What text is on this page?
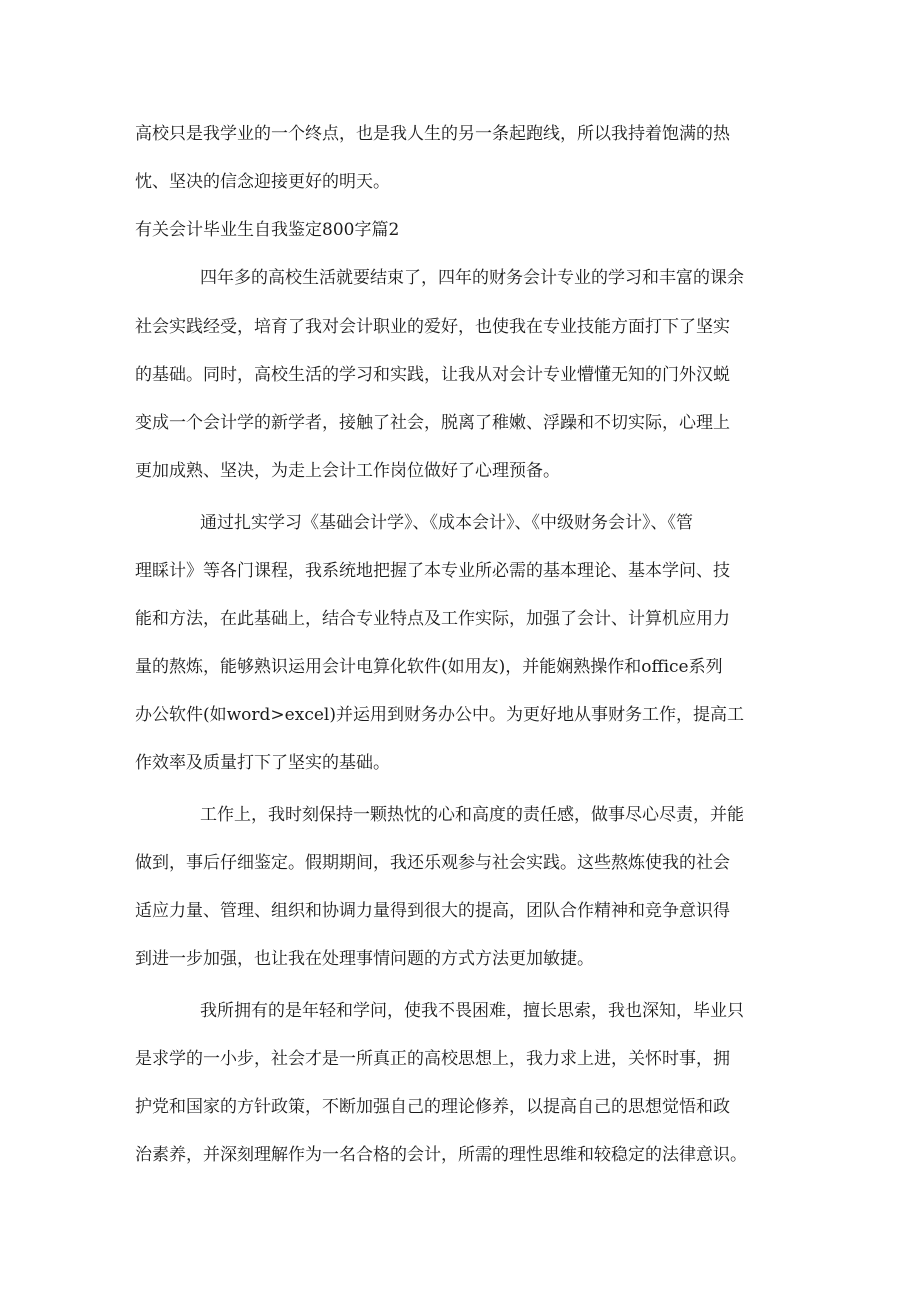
高校只是我学业的一个终点，也是我人生的另一条起跑线，所以我持着饱满的热

忱、坚决的信念迎接更好的明天。

有关会计毕业生自我鉴定800字篇2

四年多的高校生活就要结束了，四年的财务会计专业的学习和丰富的课余

社会实践经受，培育了我对会计职业的爱好，也使我在专业技能方面打下了坚实

的基础。同时，高校生活的学习和实践，让我从对会计专业懵懂无知的门外汉蜕

变成一个会计学的新学者，接触了社会，脱离了稚嫩、浮躁和不切实际，心理上

更加成熟、坚决，为走上会计工作岗位做好了心理预备。

通过扎实学习《基础会计学》、《成本会计》、《中级财务会计》、《管

理睬计》等各门课程，我系统地把握了本专业所必需的基本理论、基本学问、技

能和方法，在此基础上，结合专业特点及工作实际，加强了会计、计算机应用力

量的熬炼，能够熟识运用会计电算化软件(如用友)，并能娴熟操作和office系列

办公软件(如word>excel)并运用到财务办公中。为更好地从事财务工作，提高工

作效率及质量打下了坚实的基础。

工作上，我时刻保持一颗热忱的心和高度的责任感，做事尽心尽责，并能

做到，事后仔细鉴定。假期期间，我还乐观参与社会实践。这些熬炼使我的社会

适应力量、管理、组织和协调力量得到很大的提高，团队合作精神和竞争意识得

到进一步加强，也让我在处理事情问题的方式方法更加敏捷。

我所拥有的是年轻和学问，使我不畏困难，擅长思索，我也深知，毕业只

是求学的一小步，社会才是一所真正的高校思想上，我力求上进，关怀时事，拥

护党和国家的方针政策，不断加强自己的理论修养，以提高自己的思想觉悟和政

治素养，并深刻理解作为一名合格的会计，所需的理性思维和较稳定的法律意识。
